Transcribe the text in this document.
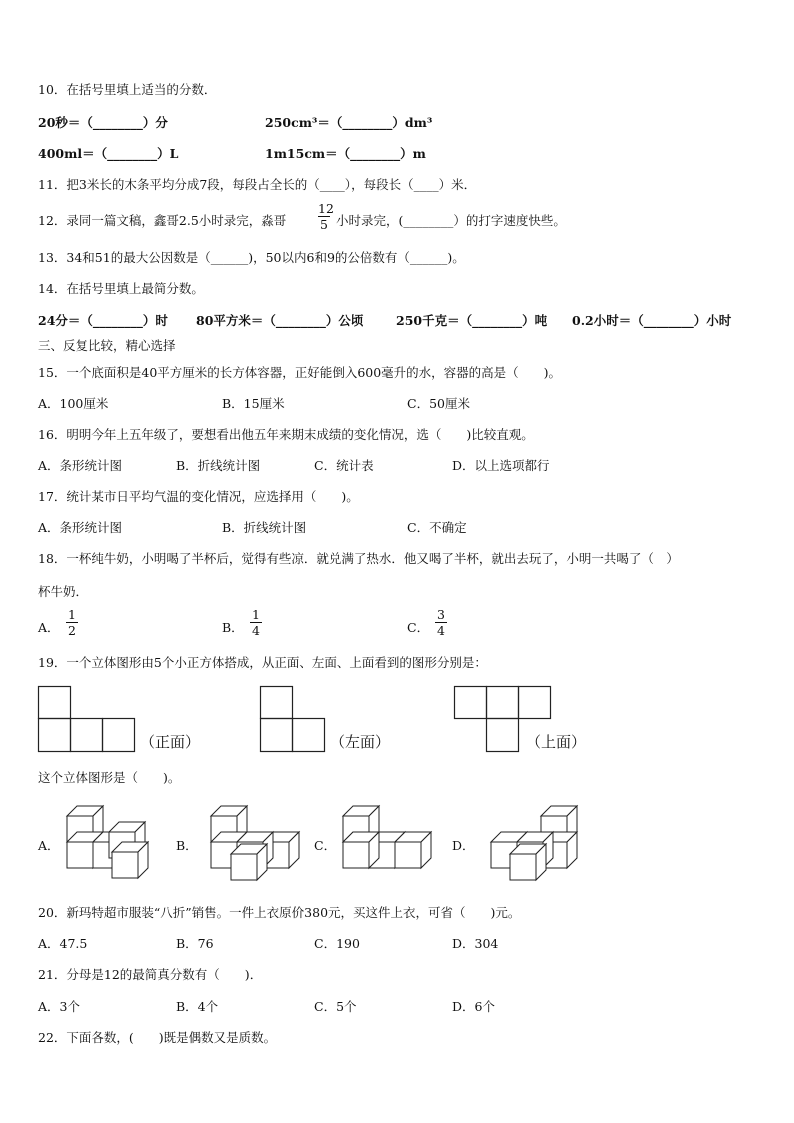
10．在括号里填上适当的分数．
20秒＝（________）分	250cm³＝（________）dm³
400ml＝（________）L	1m15cm＝（________）m
11．把3米长的木条平均分成7段，每段占全长的（____），每段长（____）米．
12．录同一篇文稿，鑫哥2.5小时录完，淼哥
12
5 小时录完，(________）的打字速度快些。
13．34和51的最大公因数是（______)，50以内6和9的公倍数有（______)。
14．在括号里填上最简分数。
24分＝（________）时 80平方米＝（________）公顷	250千克＝（________）吨 0.2小时＝（________）小时
三、反复比较，精心选择
15．一个底面积是40平方厘米的长方体容器，正好能倒入600毫升的水，容器的高是（　　)。
A．100厘米	B．15厘米	C．50厘米
16．明明今年上五年级了，要想看出他五年来期末成绩的变化情况，选（　　)比较直观。
A．条形统计图	B．折线统计图	C．统计表	D．以上选项都行
17．统计某市日平均气温的变化情况，应选择用（　　)。
A．条形统计图	B．折线统计图	C．不确定
18．一杯纯牛奶，小明喝了半杯后，觉得有些凉．就兑满了热水．他又喝了半杯，就出去玩了，小明一共喝了（　）
杯牛奶．
A．
1
2	B．
1
4	C．
3
4
19．一个立体图形由5个小正方体搭成，从正面、左面、上面看到的图形分别是：
（正面）	（左面）	（上面）
这个立体图形是（　　)。
A．	B．	C．	D．
20．新玛特超市服装“八折”销售。一件上衣原价380元，买这件上衣，可省（　　)元。
A．47.5	B．76	C．190	D．304
21．分母是12的最简真分数有（　　)．
A．3个	B．4个	C．5个	D．6个
22．下面各数，(　　)既是偶数又是质数。
